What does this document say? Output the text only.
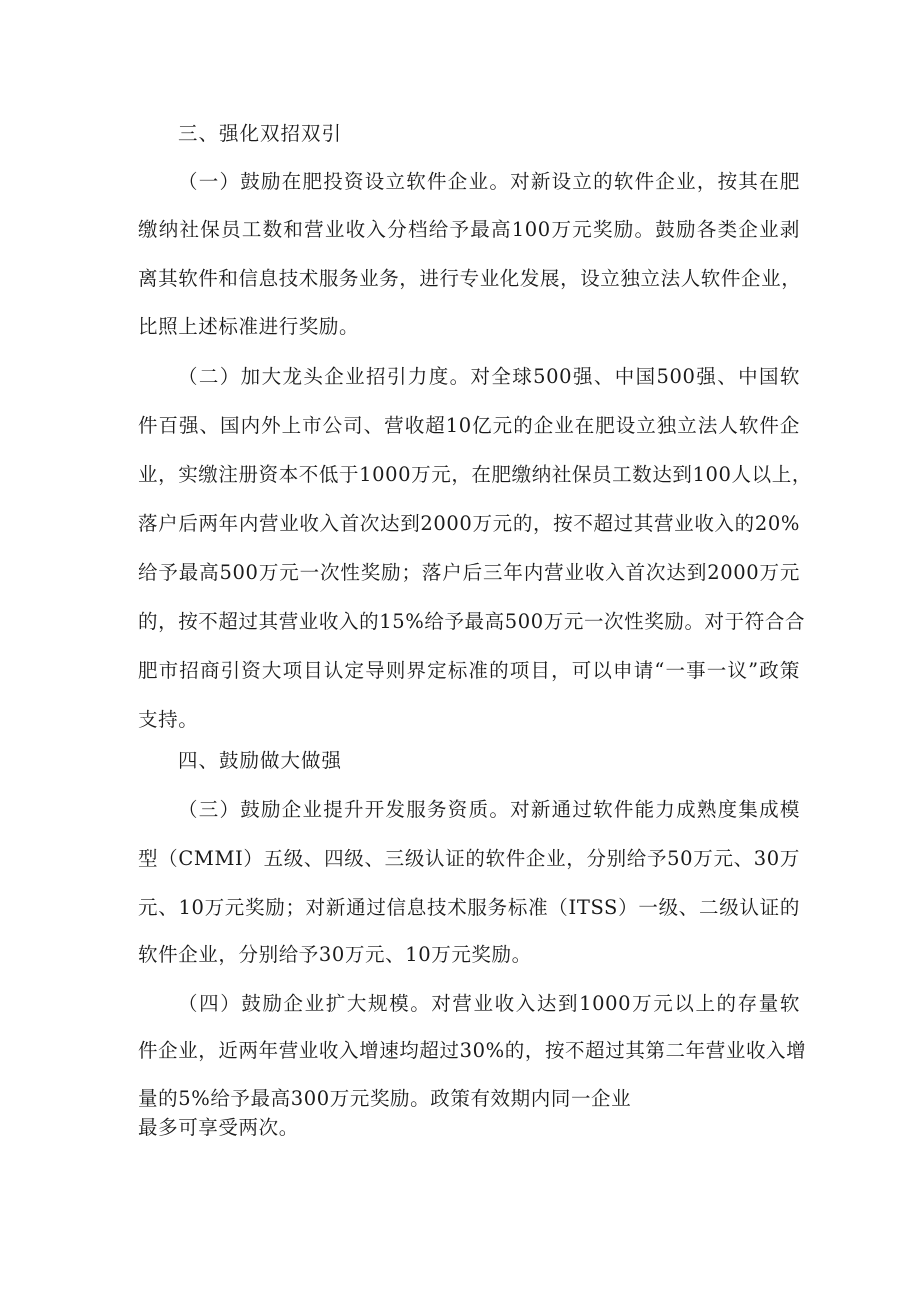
三、强化双招双引
（一）鼓励在肥投资设立软件企业。对新设立的软件企业，按其在肥
缴纳社保员工数和营业收入分档给予最高100万元奖励。鼓励各类企业剥
离其软件和信息技术服务业务，进行专业化发展，设立独立法人软件企业，
比照上述标准进行奖励。
（二）加大龙头企业招引力度。对全球500强、中国500强、中国软
件百强、国内外上市公司、营收超10亿元的企业在肥设立独立法人软件企
业，实缴注册资本不低于1000万元，在肥缴纳社保员工数达到100人以上，
落户后两年内营业收入首次达到2000万元的，按不超过其营业收入的20%
给予最高500万元一次性奖励；落户后三年内营业收入首次达到2000万元
的，按不超过其营业收入的15%给予最高500万元一次性奖励。对于符合合
肥市招商引资大项目认定导则界定标准的项目，可以申请“一事一议”政策
支持。
四、鼓励做大做强
（三）鼓励企业提升开发服务资质。对新通过软件能力成熟度集成模
型（CMMI）五级、四级、三级认证的软件企业，分别给予50万元、30万
元、10万元奖励；对新通过信息技术服务标准（ITSS）一级、二级认证的
软件企业，分别给予30万元、10万元奖励。
（四）鼓励企业扩大规模。对营业收入达到1000万元以上的存量软
件企业，近两年营业收入增速均超过30%的，按不超过其第二年营业收入增
量的5%给予最高300万元奖励。政策有效期内同一企业
最多可享受两次。
